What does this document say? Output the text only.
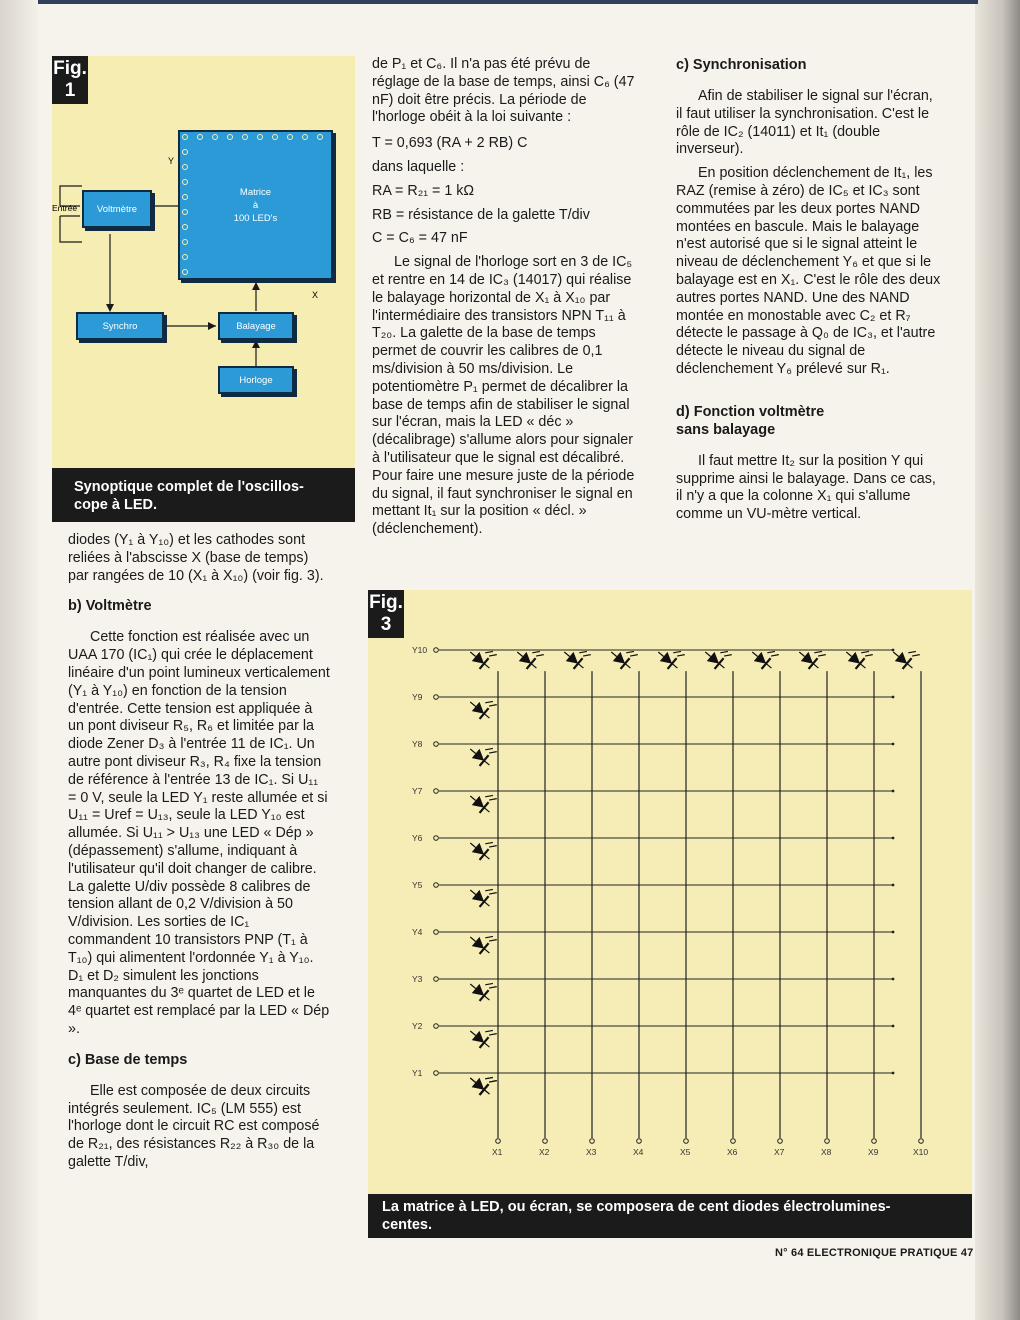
Y
X
Entrée
Fig.
1
Matrice
à
100 LED's
Voltmètre
Synchro	Balayage
Horloge
Synoptique complet de l'oscillos-
cope à LED.

diodes (Y₁ à Y₁₀) et les cathodes sont reliées à l'abscisse X (base de temps) par rangées de 10 (X₁ à X₁₀) (voir fig. 3).

b) Voltmètre

Cette fonction est réalisée avec un UAA 170 (IC₁) qui crée le déplacement linéaire d'un point lumineux verticalement (Y₁ à Y₁₀) en fonction de la tension d'entrée. Cette tension est appliquée à un pont diviseur R₅, R₆ et limitée par la diode Zener D₃ à l'entrée 11 de IC₁. Un autre pont diviseur R₃, R₄ fixe la tension de référence à l'entrée 13 de IC₁. Si U₁₁ = 0 V, seule la LED Y₁ reste allumée et si U₁₁ = Uref = U₁₃, seule la LED Y₁₀ est allumée. Si U₁₁ > U₁₃ une LED « Dép » (dépassement) s'allume, indiquant à l'utilisateur qu'il doit changer de calibre. La galette U/div possède 8 calibres de tension allant de 0,2 V/division à 50 V/division. Les sorties de IC₁ commandent 10 transistors PNP (T₁ à T₁₀) qui alimentent l'ordonnée Y₁ à Y₁₀. D₁ et D₂ simulent les jonctions manquantes du 3ᵉ quartet de LED et le 4ᵉ quartet est remplacé par la LED « Dép ».

c) Base de temps

Elle est composée de deux circuits intégrés seulement. IC₅ (LM 555) est l'horloge dont le circuit RC est composé de R₂₁, des résistances R₂₂ à R₃₀ de la galette T/div,

de P₁ et C₆. Il n'a pas été prévu de réglage de la base de temps, ainsi C₆ (47 nF) doit être précis. La période de l'horloge obéit à la loi suivante :

T = 0,693 (RA + 2 RB) C

dans laquelle :

RA = R₂₁ = 1 kΩ

RB = résistance de la galette T/div

C = C₆ = 47 nF

Le signal de l'horloge sort en 3 de IC₅ et rentre en 14 de IC₃ (14017) qui réalise le balayage horizontal de X₁ à X₁₀ par l'intermédiaire des transistors NPN T₁₁ à T₂₀. La galette de la base de temps permet de couvrir les calibres de 0,1 ms/division à 50 ms/division. Le potentiomètre P₁ permet de décalibrer la base de temps afin de stabiliser le signal sur l'écran, mais la LED « déc » (décalibrage) s'allume alors pour signaler à l'utilisateur que le signal est décalibré. Pour faire une mesure juste de la période du signal, il faut synchroniser le signal en mettant It₁ sur la position « décl. » (déclenchement).

c) Synchronisation

Afin de stabiliser le signal sur l'écran, il faut utiliser la synchronisation. C'est le rôle de IC₂ (14011) et It₁ (double inverseur).

En position déclenchement de It₁, les RAZ (remise à zéro) de IC₅ et IC₃ sont commutées par les deux portes NAND montées en bascule. Mais le balayage n'est autorisé que si le signal atteint le niveau de déclenchement Y₆ et que si le balayage est en X₁. C'est le rôle des deux autres portes NAND. Une des NAND montée en monostable avec C₂ et R₇ détecte le passage à Q₀ de IC₃, et l'autre détecte le niveau du signal de déclenchement Y₆ prélevé sur R₁.

d) Fonction voltmètre
sans balayage

Il faut mettre It₂ sur la position Y qui supprime ainsi le balayage. Dans ce cas, il n'y a que la colonne X₁ qui s'allume comme un VU-mètre vertical.

Y10
Y9
Y8
Y7
Y6
Y5
Y4
Y3
Y2
Y1
X1	X2	X3	X4	X5	X6	X7	X8	X9	X10
Fig.
3
La matrice à LED, ou écran, se composera de cent diodes électrolumines-
centes.
N° 64 ELECTRONIQUE PRATIQUE 47
